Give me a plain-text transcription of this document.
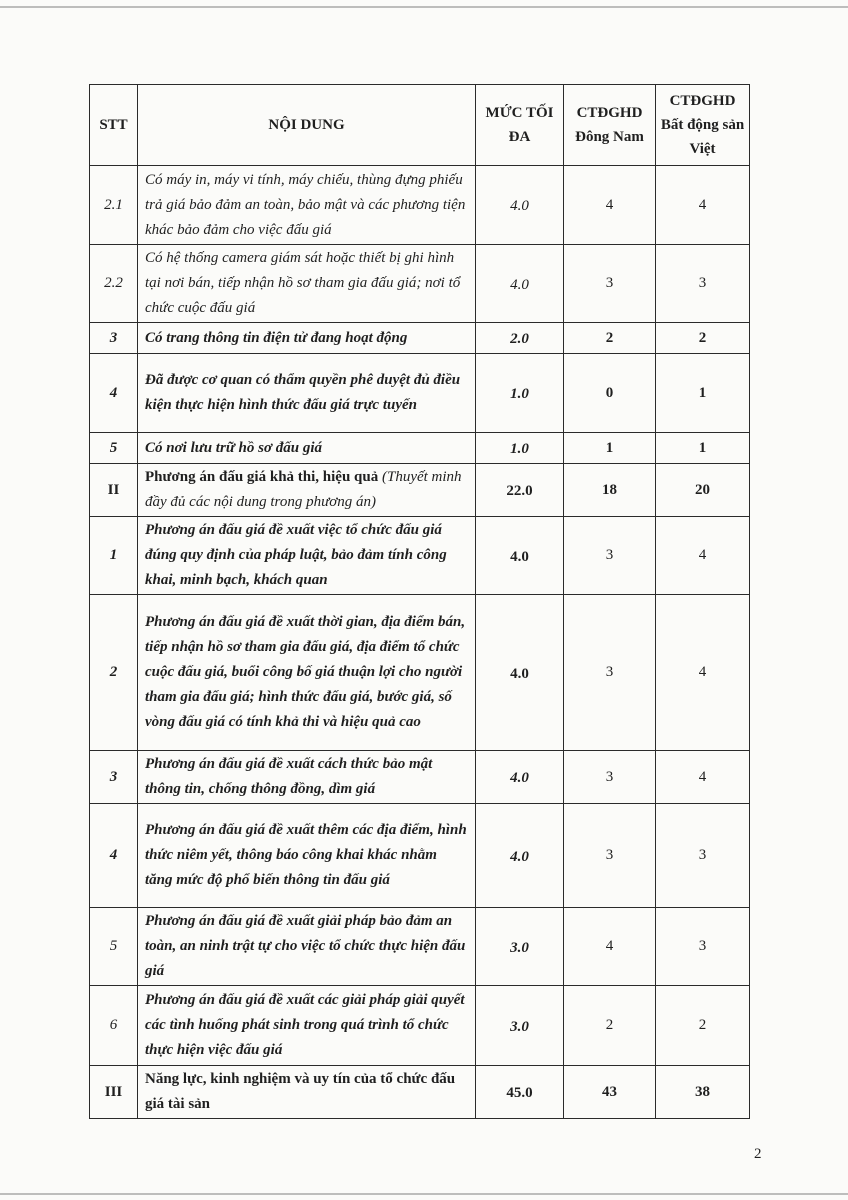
STT	NỘI DUNG	MỨC TỐI ĐA	CTĐGHD Đông Nam	CTĐGHD Bất động sản Việt
2.1	Có máy in, máy vi tính, máy chiếu, thùng đựng phiếu trả giá bảo đảm an toàn, bảo mật và các phương tiện khác bảo đảm cho việc đấu giá	4.0	4	4
2.2	Có hệ thống camera giám sát hoặc thiết bị ghi hình tại nơi bán, tiếp nhận hồ sơ tham gia đấu giá; nơi tổ chức cuộc đấu giá	4.0	3	3
3	Có trang thông tin điện tử đang hoạt động	2.0	2	2
4	Đã được cơ quan có thẩm quyền phê duyệt đủ điều kiện thực hiện hình thức đấu giá trực tuyến	1.0	0	1
5	Có nơi lưu trữ hồ sơ đấu giá	1.0	1	1
II	Phương án đấu giá khả thi, hiệu quả (Thuyết minh đầy đủ các nội dung trong phương án)	22.0	18	20
1	Phương án đấu giá đề xuất việc tổ chức đấu giá đúng quy định của pháp luật, bảo đảm tính công khai, minh bạch, khách quan	4.0	3	4
2	Phương án đấu giá đề xuất thời gian, địa điểm bán, tiếp nhận hồ sơ tham gia đấu giá, địa điểm tổ chức cuộc đấu giá, buổi công bố giá thuận lợi cho người tham gia đấu giá; hình thức đấu giá, bước giá, số vòng đấu giá có tính khả thi và hiệu quả cao	4.0	3	4
3	Phương án đấu giá đề xuất cách thức bảo mật thông tin, chống thông đồng, dìm giá	4.0	3	4
4	Phương án đấu giá đề xuất thêm các địa điểm, hình thức niêm yết, thông báo công khai khác nhằm tăng mức độ phổ biến thông tin đấu giá	4.0	3	3
5	Phương án đấu giá đề xuất giải pháp bảo đảm an toàn, an ninh trật tự cho việc tổ chức thực hiện đấu giá	3.0	4	3
6	Phương án đấu giá đề xuất các giải pháp giải quyết các tình huống phát sinh trong quá trình tổ chức thực hiện việc đấu giá	3.0	2	2
III	Năng lực, kinh nghiệm và uy tín của tổ chức đấu giá tài sản	45.0	43	38
2
